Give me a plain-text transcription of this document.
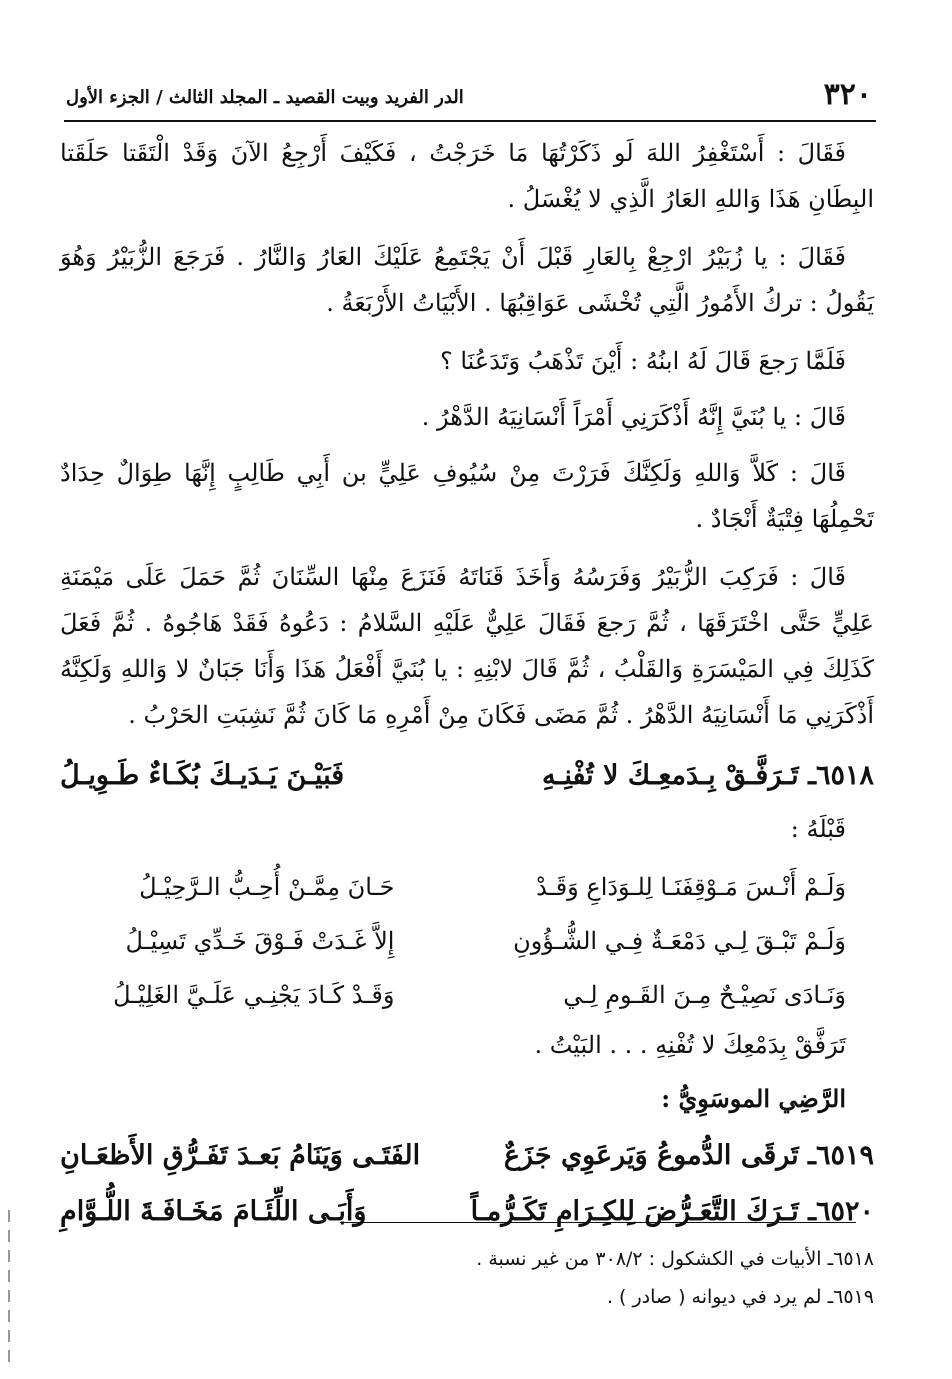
٣٢٠
الدر الفريد وبيت القصيد ـ المجلد الثالث / الجزء الأول

فَقَالَ : أَسْتَغْفِرُ اللهَ لَو ذَكَرْتُهَا مَا خَرَجْتُ ، فَكَيْفَ أَرْجِعُ الآنَ وَقَدْ الْتَقَتا حَلَقَتا البِطَانِ هَذَا وَاللهِ العَارُ الَّذِي لا يُغْسَلُ .

فَقَالَ : يا زُبَيْرُ ارْجِعْ بِالعَارِ قَبْلَ أَنْ يَجْتَمِعُ عَلَيْكَ العَارُ وَالنَّارُ . فَرَجَعَ الزُّبَيْرُ وَهُوَ يَقُولُ : تركُ الأَمُورُ الَّتِي تُخْشَى عَوَاقِبُهَا . الأَبْيَاتُ الأَرْبَعَةُ .

فَلَمَّا رَجعَ قَالَ لَهُ ابنُهُ : أَيْنَ تَذْهَبُ وَتَدَعُنَا ؟

قَالَ : يا بُنَيَّ إِنَّهُ أَذْكَرَنِي أَمْرَاً أَنْسَانِيَهُ الدَّهْرُ .

قَالَ : كَلاَّ وَاللهِ وَلَكِنَّكَ فَرَرْتَ مِنْ سُيُوفِ عَلِيٍّ بن أَبِي طَالِبٍ إِنَّهَا طِوَالٌ حِدَادٌ تَحْمِلُهَا فِتْيَةٌ أَنْجَادٌ .

قَالَ : فَرَكِبَ الزُّبَيْرُ وَفَرَسُهُ وَأَخَذَ قَنَاتَهُ فَنَزَعَ مِنْهَا السِّنَانَ ثُمَّ حَمَلَ عَلَى مَيْمَنَةِ عَلِيٍّ حَتَّى اخْتَرَقَهَا ، ثُمَّ رَجعَ فَقَالَ عَلِيٌّ عَلَيْهِ السَّلامُ : دَعُوهُ فَقَدْ هَاجُوهُ . ثُمَّ فَعَلَ كَذَلِكَ فِي المَيْسَرَةِ وَالقَلْبُ ، ثُمَّ قَالَ لابْنِهِ : يا بُنَيَّ أَفْعَلُ هَذَا وَأَنَا جَبَانٌ لا وَاللهِ وَلَكِنَّهُ أَذْكَرَنِي مَا أَنْسَانِيَهُ الدَّهْرُ . ثُمَّ مَضَى فَكَانَ مِنْ أَمْرِهِ مَا كَانَ ثُمَّ نَشِبَتِ الحَرْبُ .

٦٥١٨ـ تَـرَفَّـقْ بِـدَمعِـكَ لا تُفْنِـهِ
فَبَيْـنَ يَـدَيـكَ بُكَـاءٌ طَـوِيـلُ
قَبْلَهُ :
وَلَـمْ أَنْـسَ مَـوْقِفَنَـا لِلـوَدَاعِ وَقَـدْ
حَـانَ مِمَّـنْ أُحِـبُّ الـرَّحِيْـلُ
وَلَـمْ تَبْـقَ لِـي دَمْعَـةٌ فِـي الشُّـؤُونِ
إِلاَّ غَـدَتْ فَـوْقَ خَـدِّي تَسِيْـلُ
وَنَـادَى نَصِيْـحٌ مِـنَ القَـومِ لِـي
وَقَـدْ كَـادَ يَجْنِـي عَلَـيَّ الغَلِيْـلُ
تَرَفَّقْ بِدَمْعِكَ لا تُفْنِهِ . . . البَيْتُ .
الرَّضِي الموسَوِيُّ :
٦٥١٩ـ تَرقَى الدُّموعُ وَيَرعَوِي جَزَعٌ
الفَتَـى وَيَنَامُ بَعـدَ تَفَـرُّقِ الأَظعَـانِ
٦٥٢٠ـ تَـرَكَ التَّعَـرُّضَ لِلكِـرَامِ تَكَـرُّمـاً
وَأَبَـى اللِّئَـامَ مَخَـافَـةَ اللُّـوَّامِ
٦٥١٨ـ الأبيات في الكشكول : ٣٠٨/٢ من غير نسبة .
٦٥١٩ـ لم يرد في ديوانه ( صادر ) .
